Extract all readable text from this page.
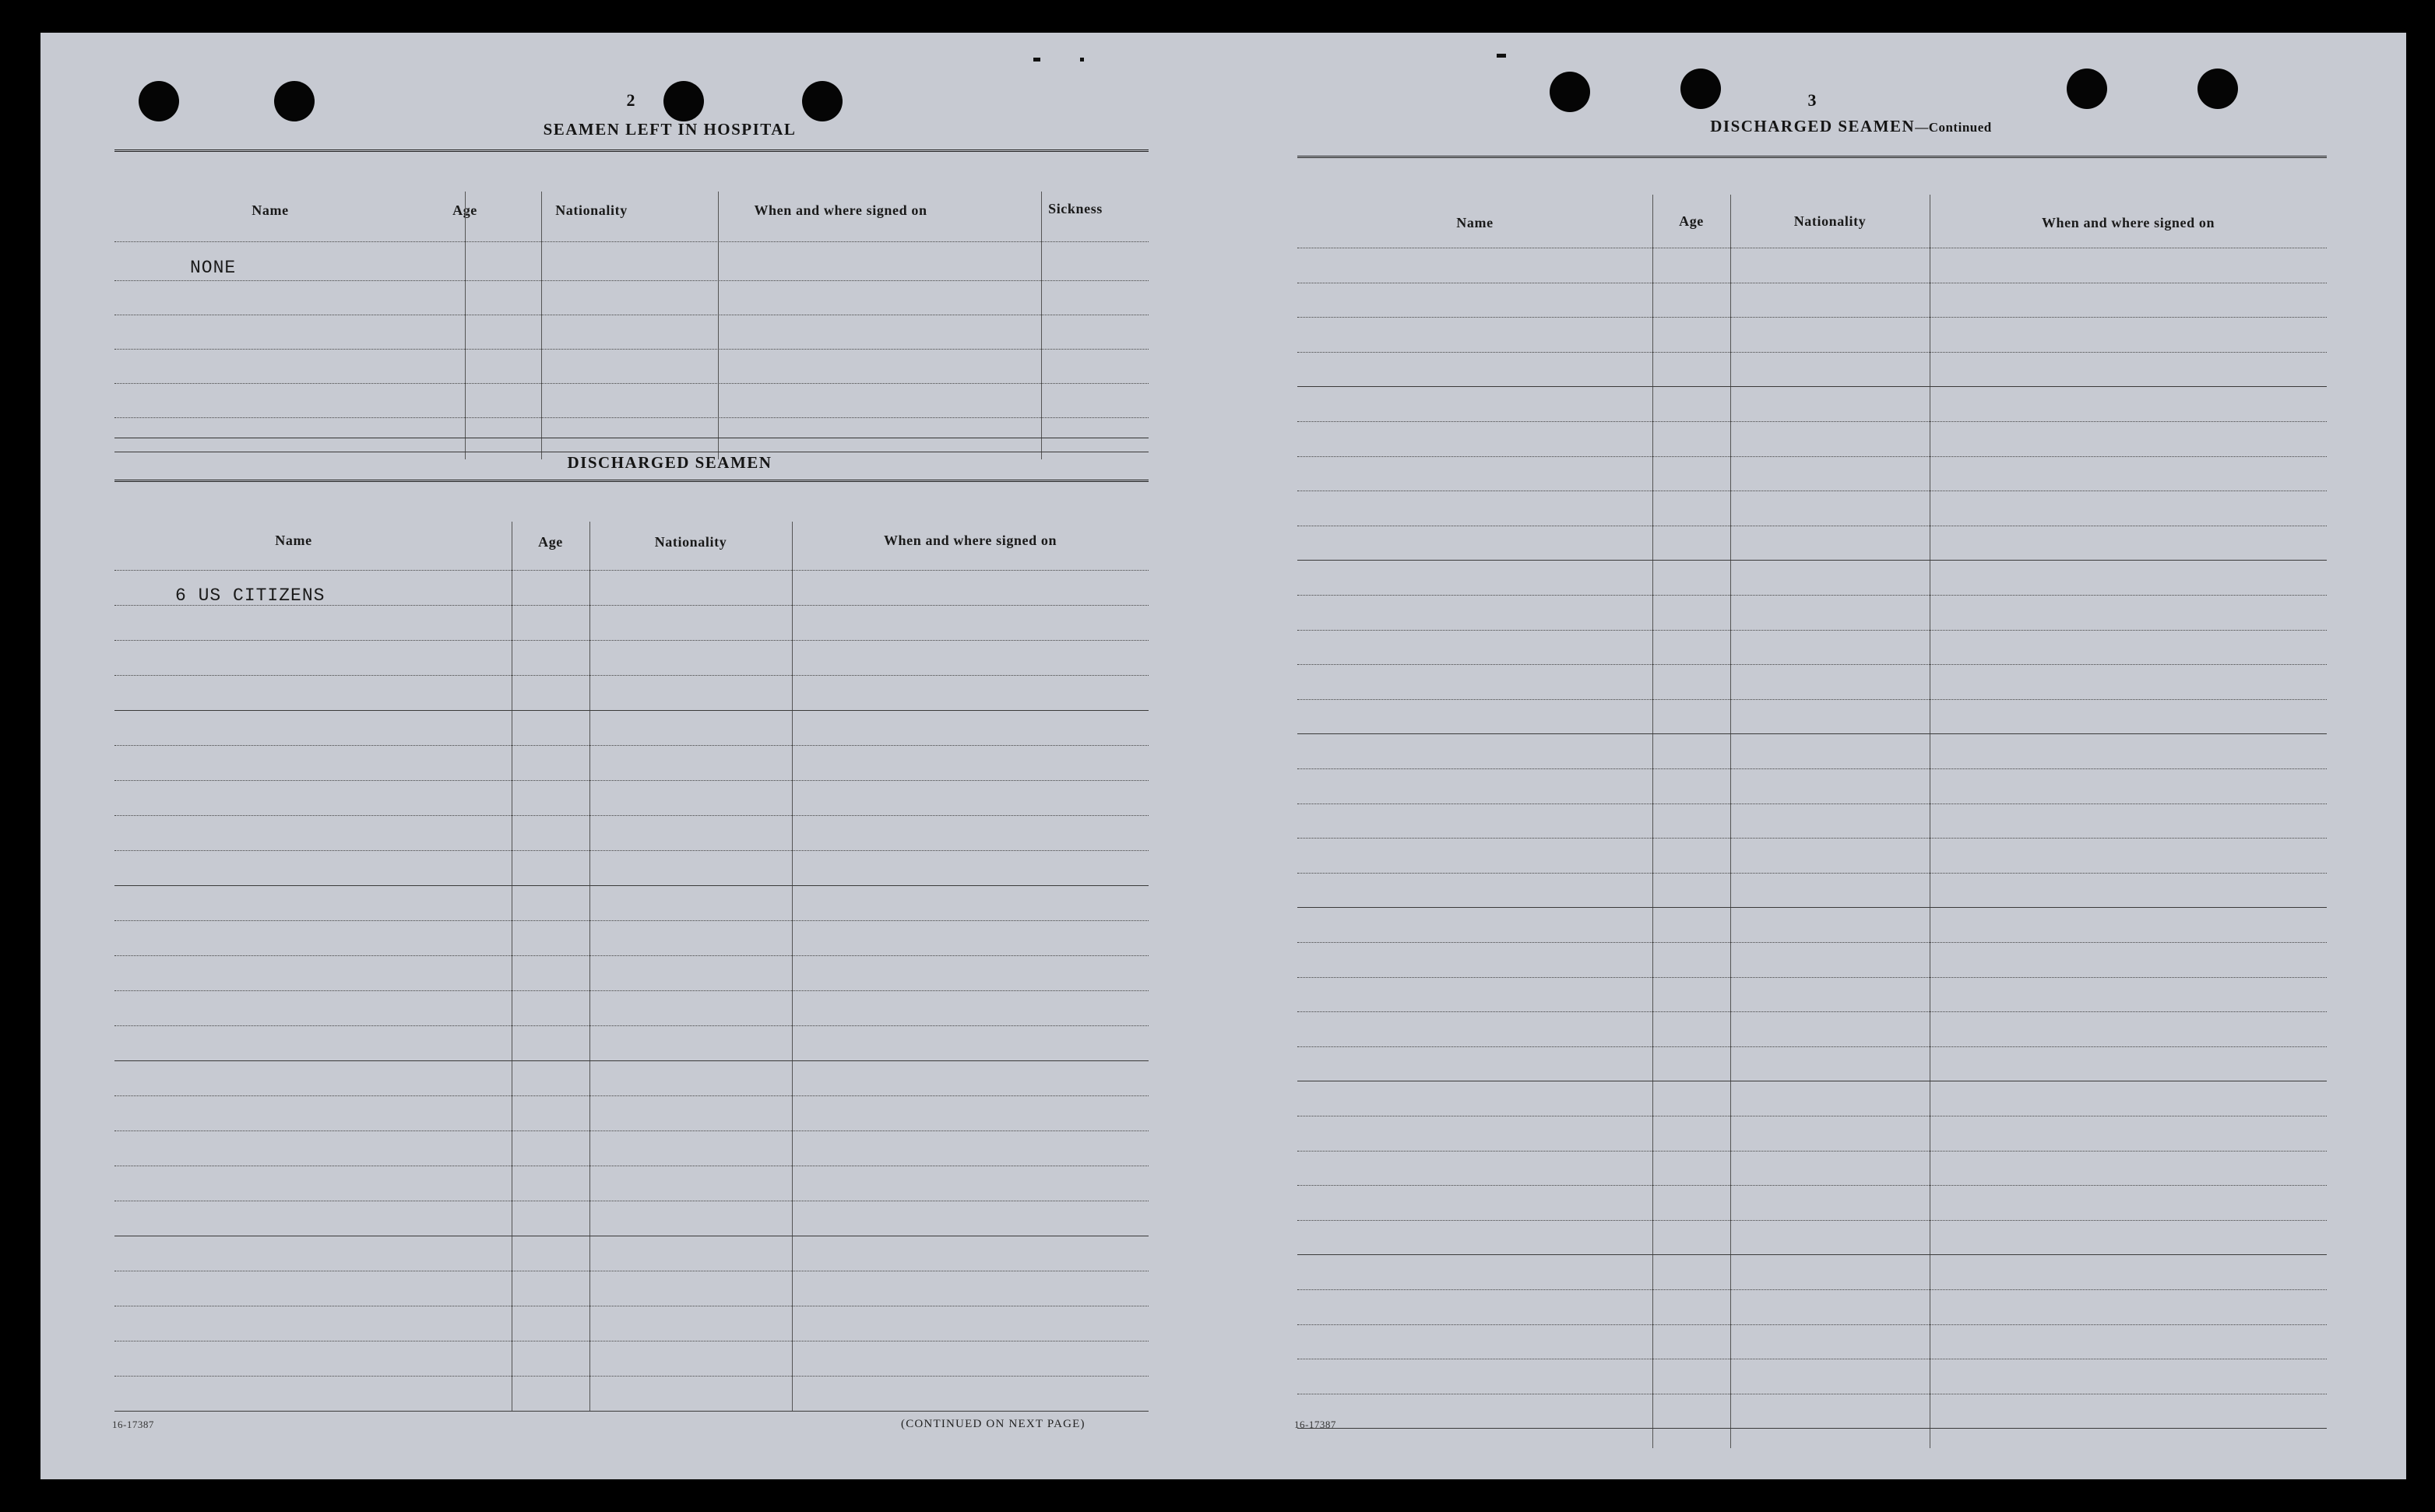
2
SEAMEN LEFT IN HOSPITAL
Name	Age	Nationality	When and where signed on	Sickness
NONE
DISCHARGED SEAMEN
Name	Age	Nationality	When and where signed on
6 US CITIZENS
16-17387	(CONTINUED ON NEXT PAGE)
3
DISCHARGED SEAMEN—Continued
Name	Age	Nationality	When and where signed on
16-17387
